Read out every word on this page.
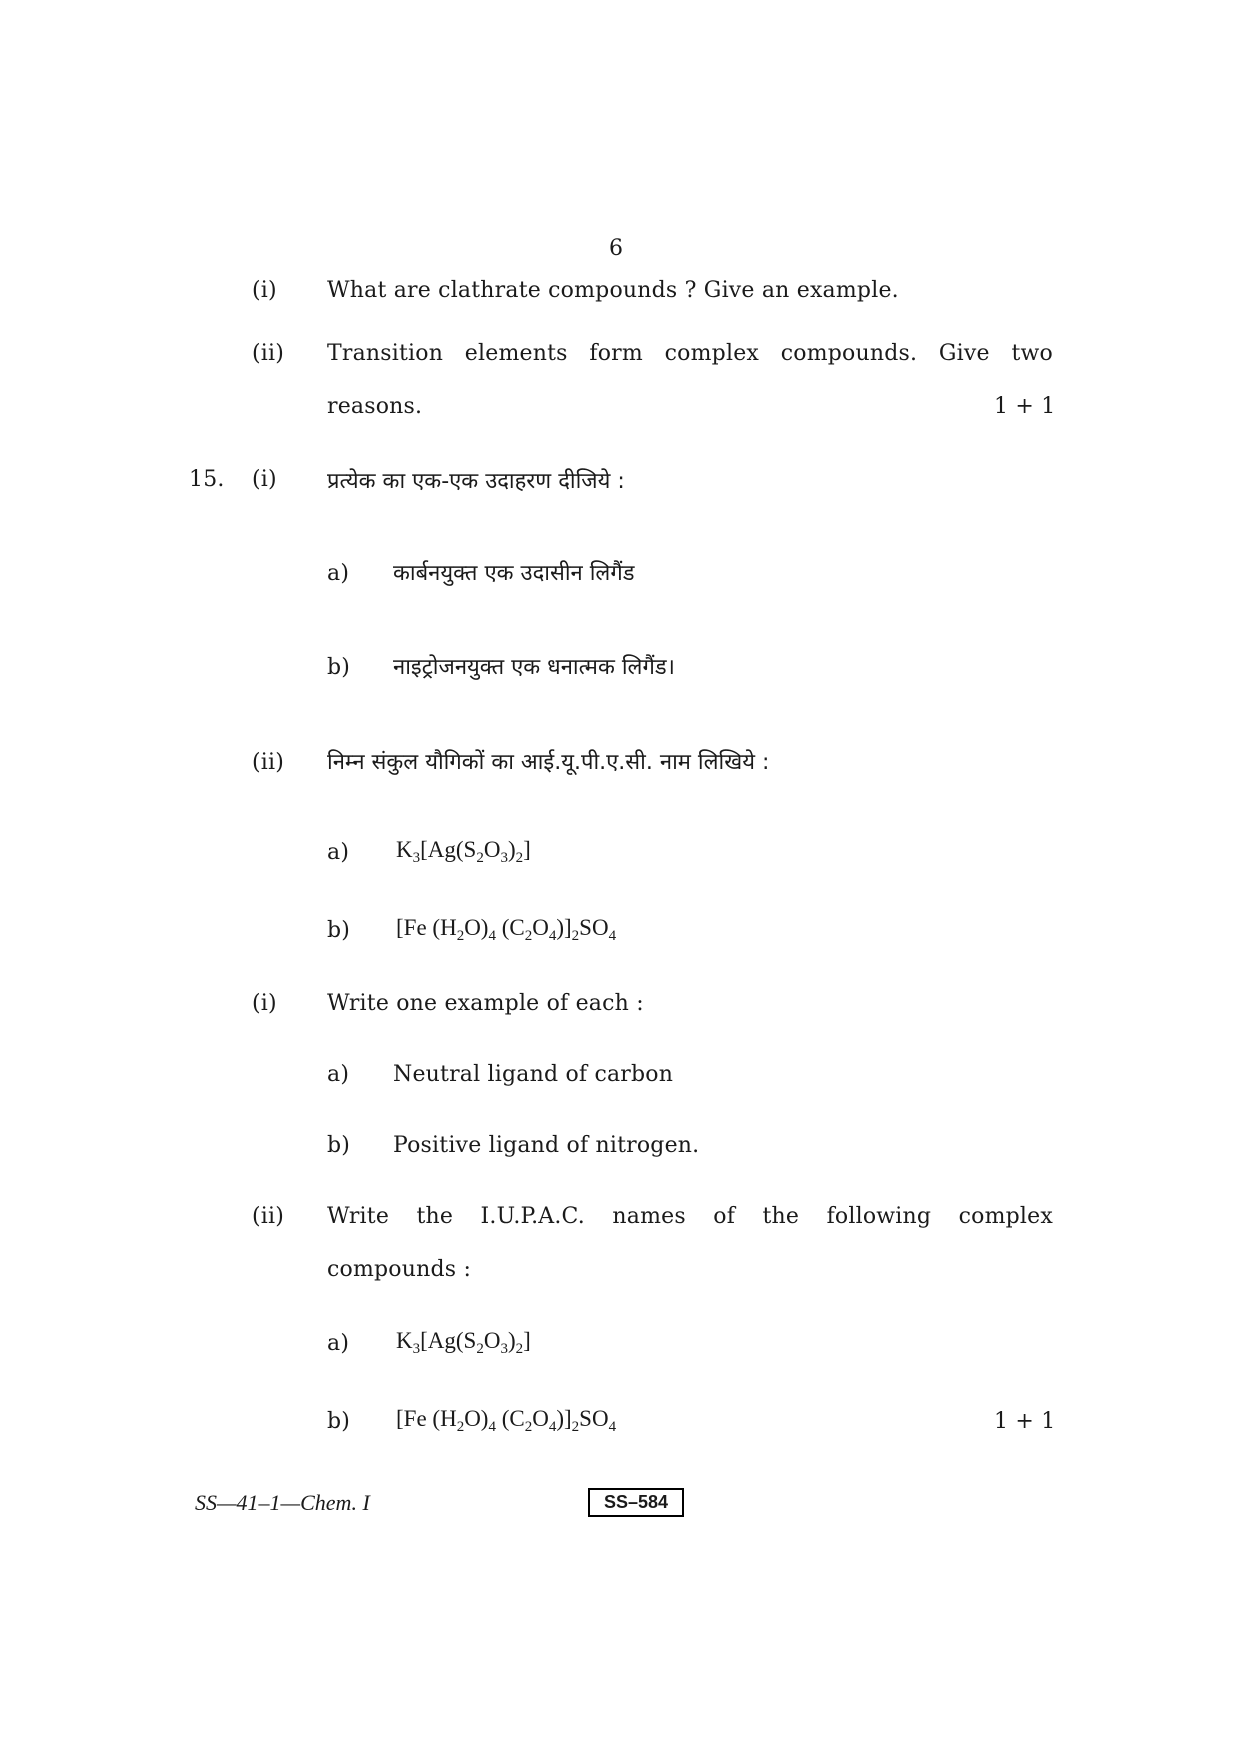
6
(i) What are clathrate compounds ? Give an example.
(ii) Transition elements form complex compounds. Give two
reasons.	1 + 1
15. (i) प्रत्येक का एक-एक उदाहरण दीजिये :
a) कार्बनयुक्त एक उदासीन लिगैंड
b) नाइट्रोजनयुक्त एक धनात्मक लिगैंड।
(ii) निम्न संकुल यौगिकों का आई.यू.पी.ए.सी. नाम लिखिये :
a) $K_3[Ag(S_2O_3)_2]$
b) [Fe $(H_2O)_4$ $(C_2O_4)]_2SO_4$
(i) Write one example of each :
a) Neutral ligand of carbon
b) Positive ligand of nitrogen.
(ii) Write the I.U.P.A.C. names of the following complex
compounds :
a) $K_3[Ag(S_2O_3)_2]$
b) [Fe $(H_2O)_4$ $(C_2O_4)]_2SO_4$	1 + 1
SS—41–1—Chem. I	SS–584
